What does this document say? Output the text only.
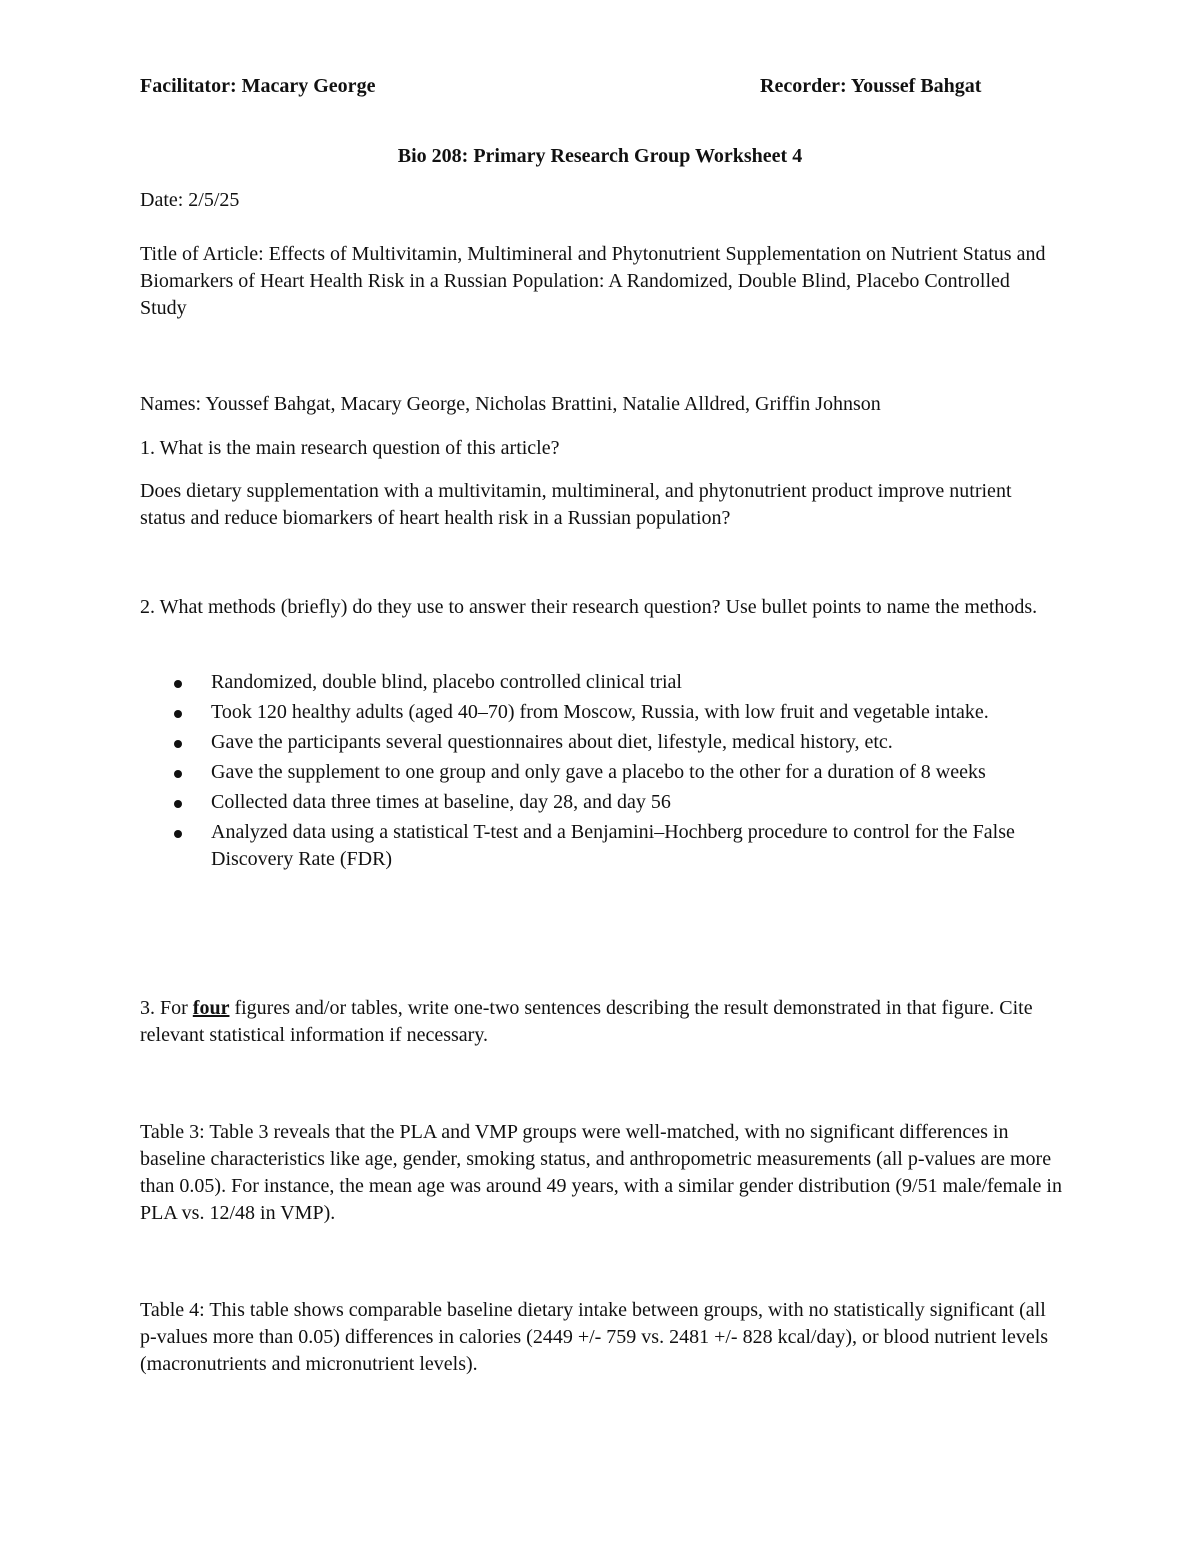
Facilitator: Macary George	Recorder: Youssef Bahgat

Bio 208: Primary Research Group Worksheet 4

Date: 2/5/25

Title of Article: Effects of Multivitamin, Multimineral and Phytonutrient Supplementation on Nutrient Status and Biomarkers of Heart Health Risk in a Russian Population: A Randomized, Double Blind, Placebo Controlled Study

Names: Youssef Bahgat, Macary George, Nicholas Brattini, Natalie Alldred, Griffin Johnson

1. What is the main research question of this article?

Does dietary supplementation with a multivitamin, multimineral, and phytonutrient product improve nutrient status and reduce biomarkers of heart health risk in a Russian population?

2. What methods (briefly) do they use to answer their research question? Use bullet points to name the methods.

Randomized, double blind, placebo controlled clinical trial
Took 120 healthy adults (aged 40–70) from Moscow, Russia, with low fruit and vegetable intake.
Gave the participants several questionnaires about diet, lifestyle, medical history, etc.
Gave the supplement to one group and only gave a placebo to the other for a duration of 8 weeks
Collected data three times at baseline, day 28, and day 56
Analyzed data using a statistical T-test and a Benjamini–Hochberg procedure to control for the False Discovery Rate (FDR)

3. For four figures and/or tables, write one-two sentences describing the result demonstrated in that figure. Cite relevant statistical information if necessary.

Table 3: Table 3 reveals that the PLA and VMP groups were well-matched, with no significant differences in baseline characteristics like age, gender, smoking status, and anthropometric measurements (all p-values are more than 0.05). For instance, the mean age was around 49 years, with a similar gender distribution (9/51 male/female in PLA vs. 12/48 in VMP).

Table 4: This table shows comparable baseline dietary intake between groups, with no statistically significant (all p-values more than 0.05) differences in calories (2449 +/- 759 vs. 2481 +/- 828 kcal/day), or blood nutrient levels (macronutrients and micronutrient levels).
